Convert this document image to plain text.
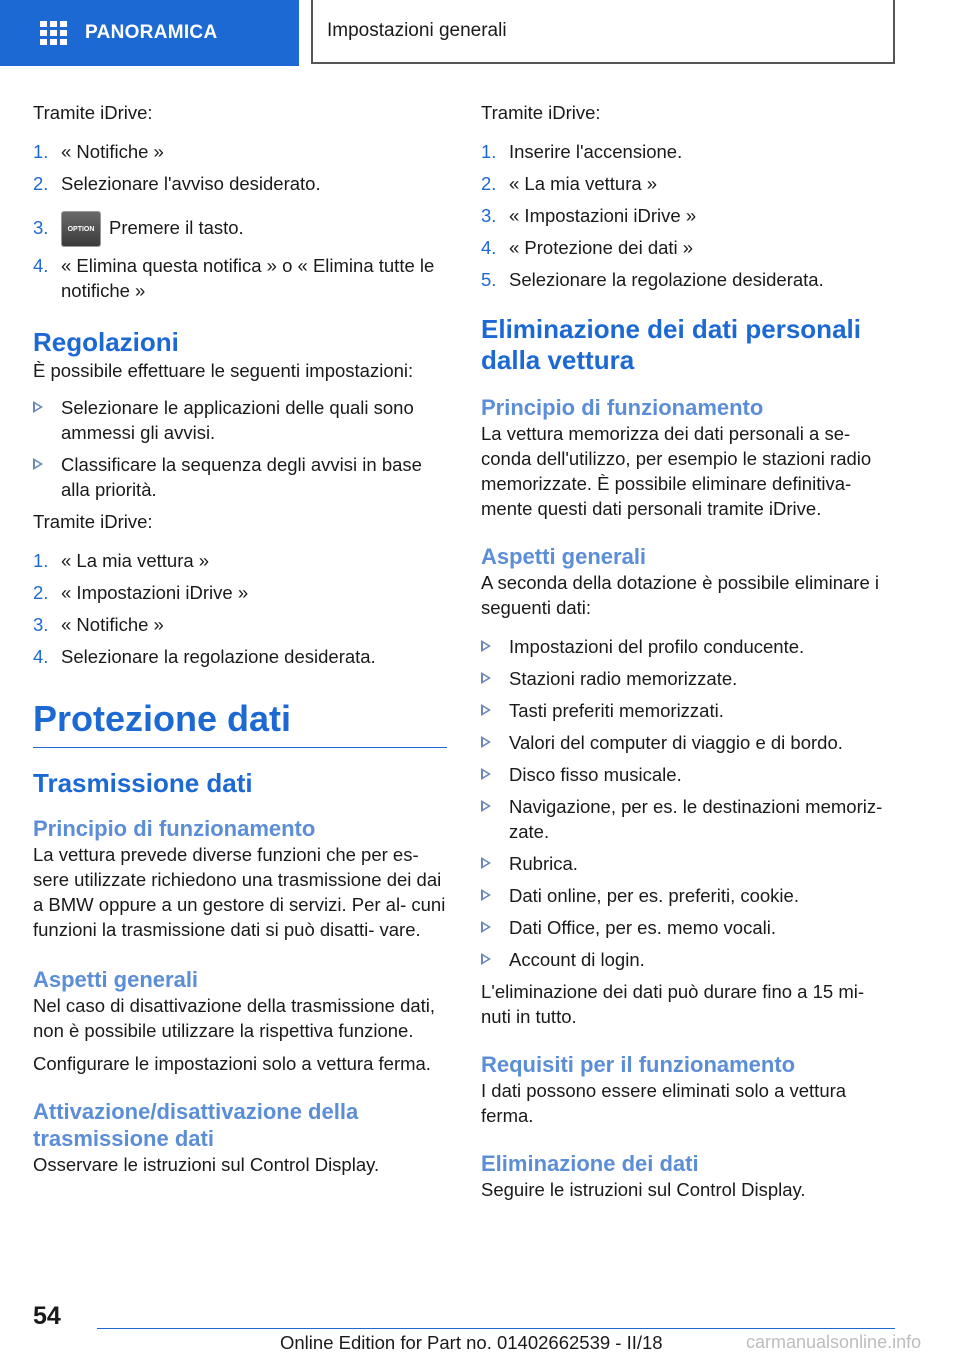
PANORAMICA	Impostazioni generali

Tramite iDrive:

1. « Notifiche »
2. Selezionare l'avviso desiderato.
3.	OPTION Premere il tasto.
4. « Elimina questa notifica » o « Elimina tutte le notifiche »
Regolazioni

È possibile effettuare le seguenti impostazioni:

Selezionare le applicazioni delle quali sono ammessi gli avvisi.
Classificare la sequenza degli avvisi in base alla priorità.

Tramite iDrive:

1. « La mia vettura »
2. « Impostazioni iDrive »
3. « Notifiche »
4. Selezionare la regolazione desiderata.
Protezione dati
Trasmissione dati
Principio di funzionamento

La vettura prevede diverse funzioni che per es- sere utilizzate richiedono una trasmissione dei dai a BMW oppure a un gestore di servizi. Per al- cuni funzioni la trasmissione dati si può disatti- vare.

Aspetti generali

Nel caso di disattivazione della trasmissione dati, non è possibile utilizzare la rispettiva funzione.

Configurare le impostazioni solo a vettura ferma.

Attivazione/disattivazione della trasmissione dati

Osservare le istruzioni sul Control Display.

Tramite iDrive:

1. Inserire l'accensione.
2. « La mia vettura »
3. « Impostazioni iDrive »
4. « Protezione dei dati »
5. Selezionare la regolazione desiderata.
Eliminazione dei dati personali dalla vettura
Principio di funzionamento

La vettura memorizza dei dati personali a se- conda dell'utilizzo, per esempio le stazioni radio memorizzate. È possibile eliminare definitiva- mente questi dati personali tramite iDrive.

Aspetti generali

A seconda della dotazione è possibile eliminare i seguenti dati:

Impostazioni del profilo conducente.
Stazioni radio memorizzate.
Tasti preferiti memorizzati.
Valori del computer di viaggio e di bordo.
Disco fisso musicale.
Navigazione, per es. le destinazioni memoriz- zate.
Rubrica.
Dati online, per es. preferiti, cookie.
Dati Office, per es. memo vocali.
Account di login.

L'eliminazione dei dati può durare fino a 15 mi- nuti in tutto.

Requisiti per il funzionamento

I dati possono essere eliminati solo a vettura ferma.

Eliminazione dei dati

Seguire le istruzioni sul Control Display.

54
Online Edition for Part no. 01402662539 - II/18	carmanualsonline.info
